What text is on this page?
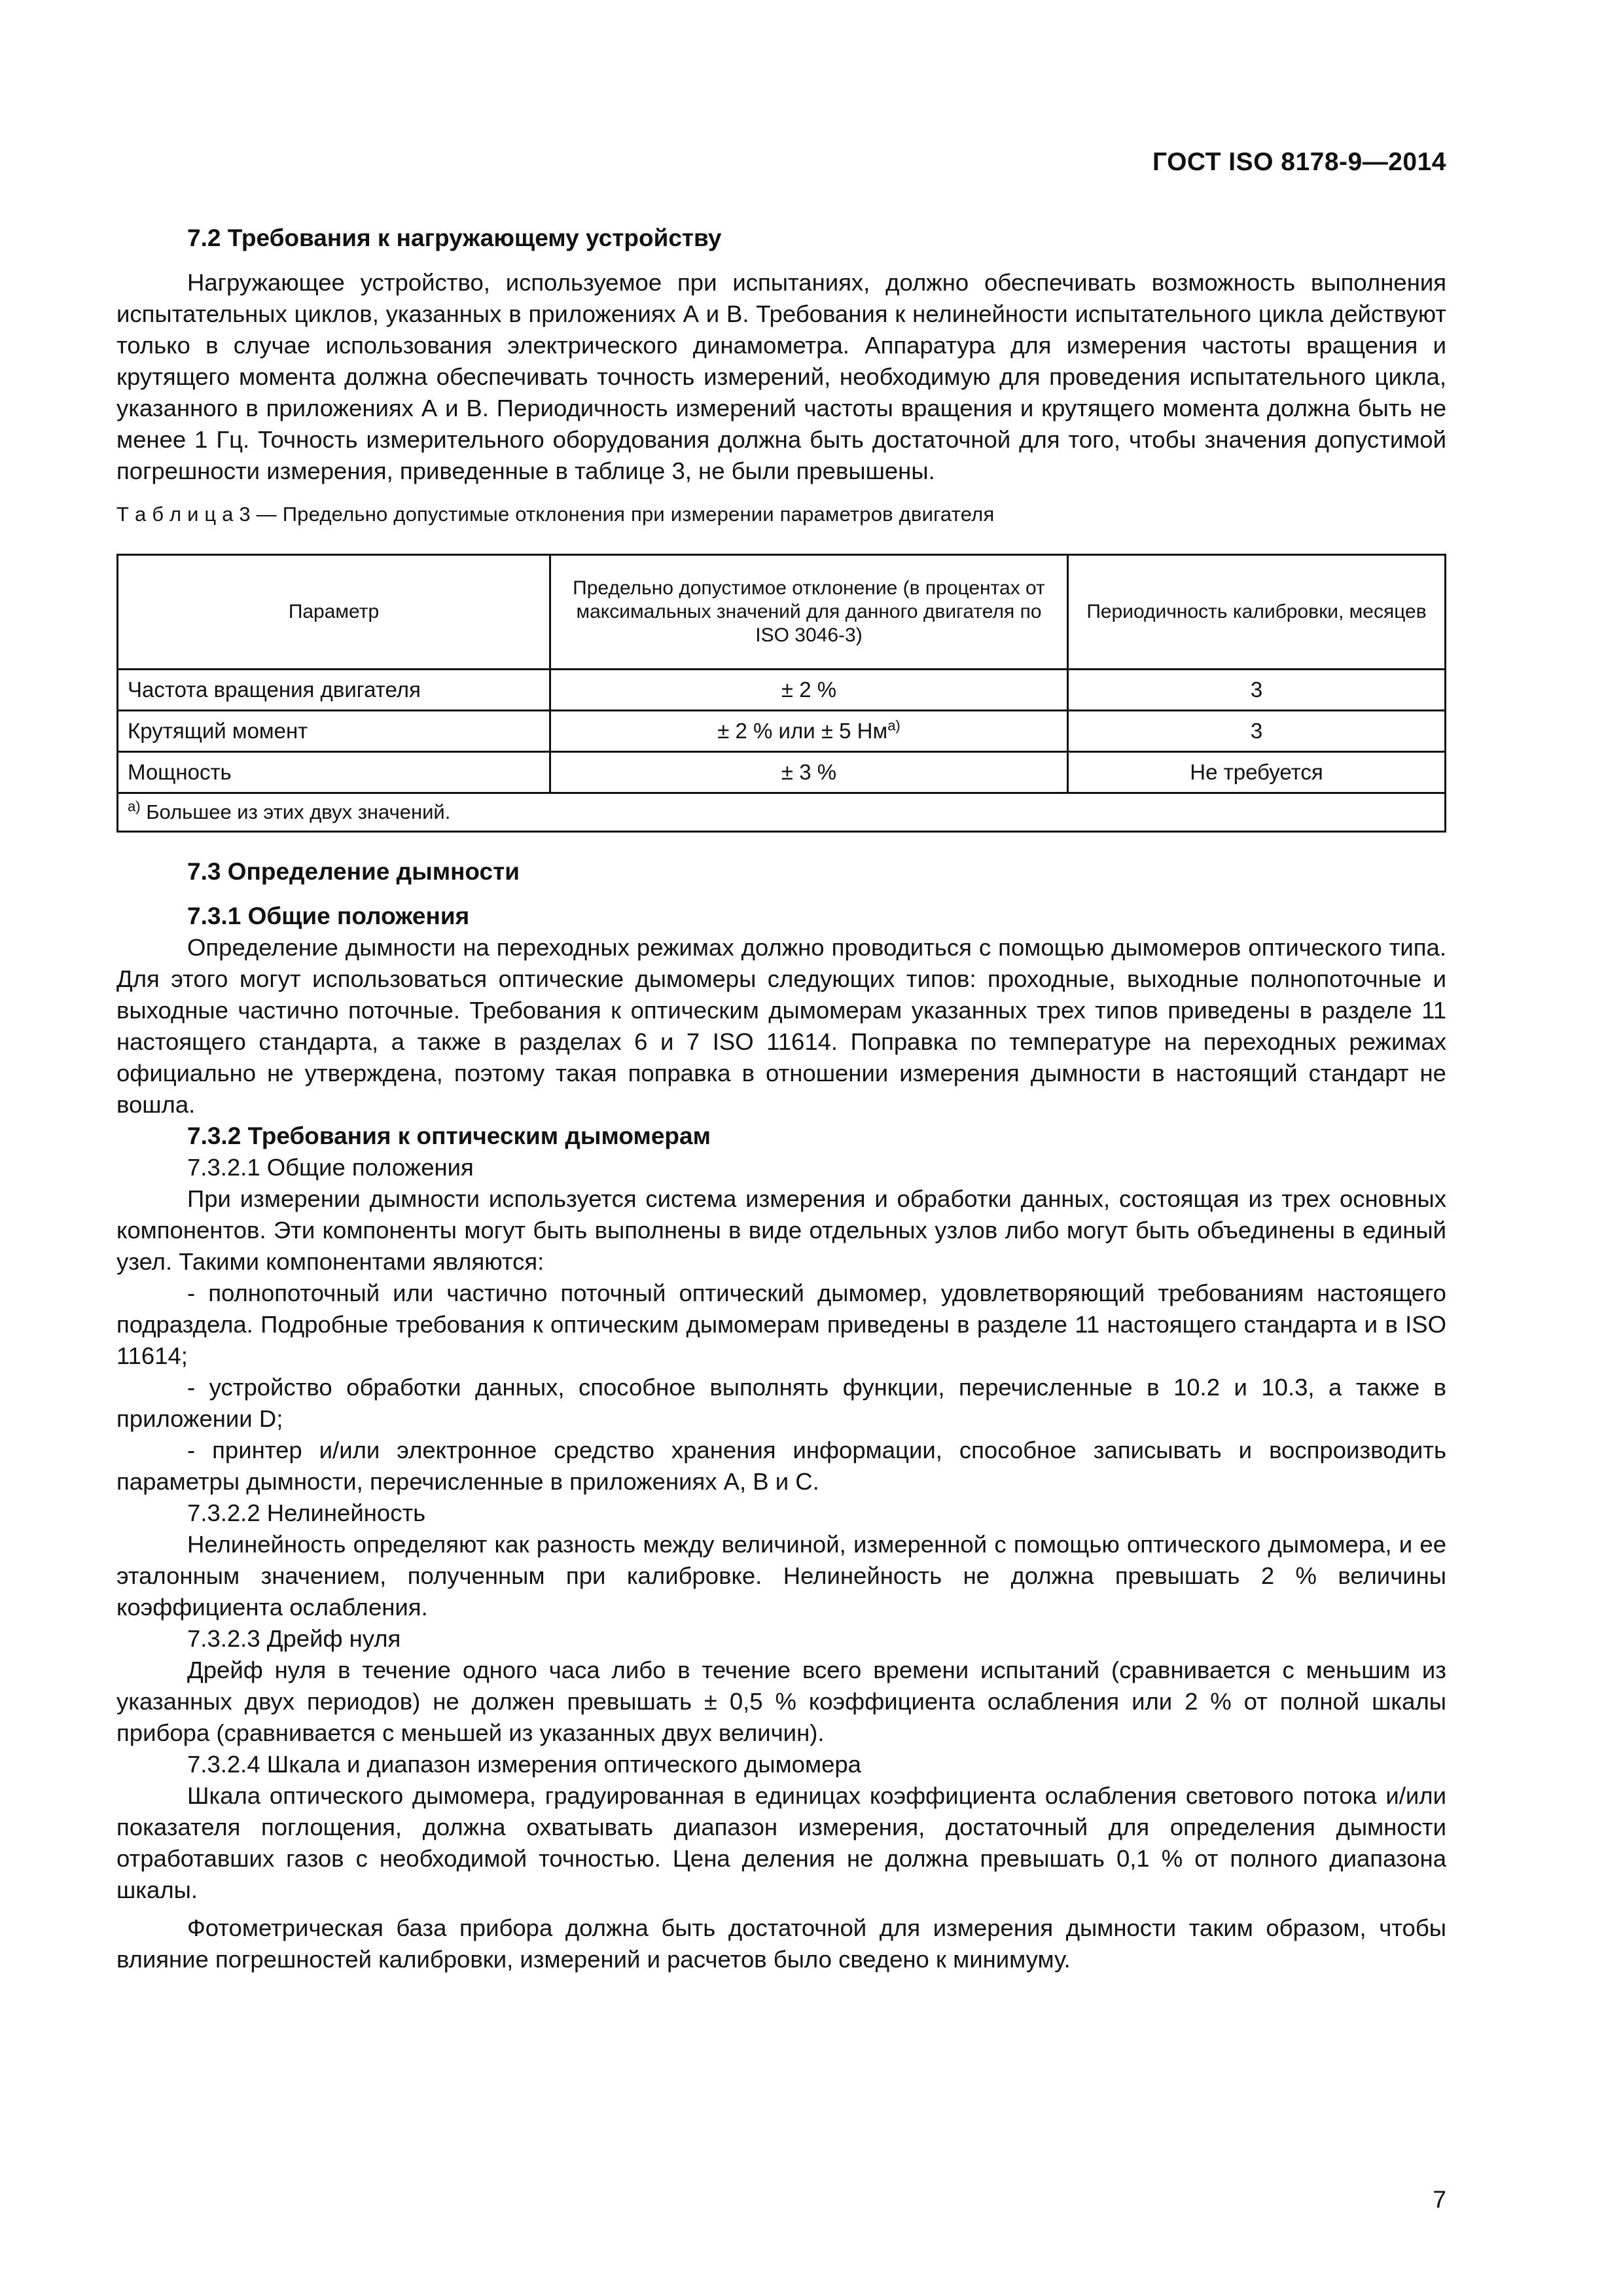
ГОСТ ISO 8178-9—2014
7.2 Требования к нагружающему устройству

Нагружающее устройство, используемое при испытаниях, должно обеспечивать возможность выполнения испытательных циклов, указанных в приложениях А и В. Требования к нелинейности испытательного цикла действуют только в случае использования электрического динамометра. Аппаратура для измерения частоты вращения и крутящего момента должна обеспечивать точность измерений, необходимую для проведения испытательного цикла, указанного в приложениях А и В. Периодичность измерений частоты вращения и крутящего момента должна быть не менее 1 Гц. Точность измерительного оборудования должна быть достаточной для того, чтобы значения допустимой погрешности измерения, приведенные в таблице 3, не были превышены.

Т а б л и ц а 3 — Предельно допустимые отклонения при измерении параметров двигателя
Параметр	Предельно допустимое отклонение (в процентах от максимальных значений для данного двигателя по ISO 3046-3)	Периодичность калибровки, месяцев
Частота вращения двигателя	± 2 %	3
Крутящий момент	± 2 % или ± 5 $Нм^{а)}$	3
Мощность	± 3 %	Не требуется
$^{а)}$ Большее из этих двух значений.		
7.3 Определение дымности
7.3.1 Общие положения

Определение дымности на переходных режимах должно проводиться с помощью дымомеров оптического типа. Для этого могут использоваться оптические дымомеры следующих типов: проходные, выходные полнопоточные и выходные частично поточные. Требования к оптическим дымомерам указанных трех типов приведены в разделе 11 настоящего стандарта, а также в разделах 6 и 7 ISO 11614. Поправка по температуре на переходных режимах официально не утверждена, поэтому такая поправка в отношении измерения дымности в настоящий стандарт не вошла.

7.3.2 Требования к оптическим дымомерам
7.3.2.1 Общие положения

При измерении дымности используется система измерения и обработки данных, состоящая из трех основных компонентов. Эти компоненты могут быть выполнены в виде отдельных узлов либо могут быть объединены в единый узел. Такими компонентами являются:

- полнопоточный или частично поточный оптический дымомер, удовлетворяющий требованиям настоящего подраздела. Подробные требования к оптическим дымомерам приведены в разделе 11 настоящего стандарта и в ISO 11614;

- устройство обработки данных, способное выполнять функции, перечисленные в 10.2 и 10.3, а также в приложении D;

- принтер и/или электронное средство хранения информации, способное записывать и воспроизводить параметры дымности, перечисленные в приложениях А, В и С.

7.3.2.2 Нелинейность

Нелинейность определяют как разность между величиной, измеренной с помощью оптического дымомера, и ее эталонным значением, полученным при калибровке. Нелинейность не должна превышать 2 % величины коэффициента ослабления.

7.3.2.3 Дрейф нуля

Дрейф нуля в течение одного часа либо в течение всего времени испытаний (сравнивается с меньшим из указанных двух периодов) не должен превышать ± 0,5 % коэффициента ослабления или 2 % от полной шкалы прибора (сравнивается с меньшей из указанных двух величин).

7.3.2.4 Шкала и диапазон измерения оптического дымомера

Шкала оптического дымомера, градуированная в единицах коэффициента ослабления светового потока и/или показателя поглощения, должна охватывать диапазон измерения, достаточный для определения дымности отработавших газов с необходимой точностью. Цена деления не должна превышать 0,1 % от полного диапазона шкалы.

Фотометрическая база прибора должна быть достаточной для измерения дымности таким образом, чтобы влияние погрешностей калибровки, измерений и расчетов было сведено к минимуму.

7
